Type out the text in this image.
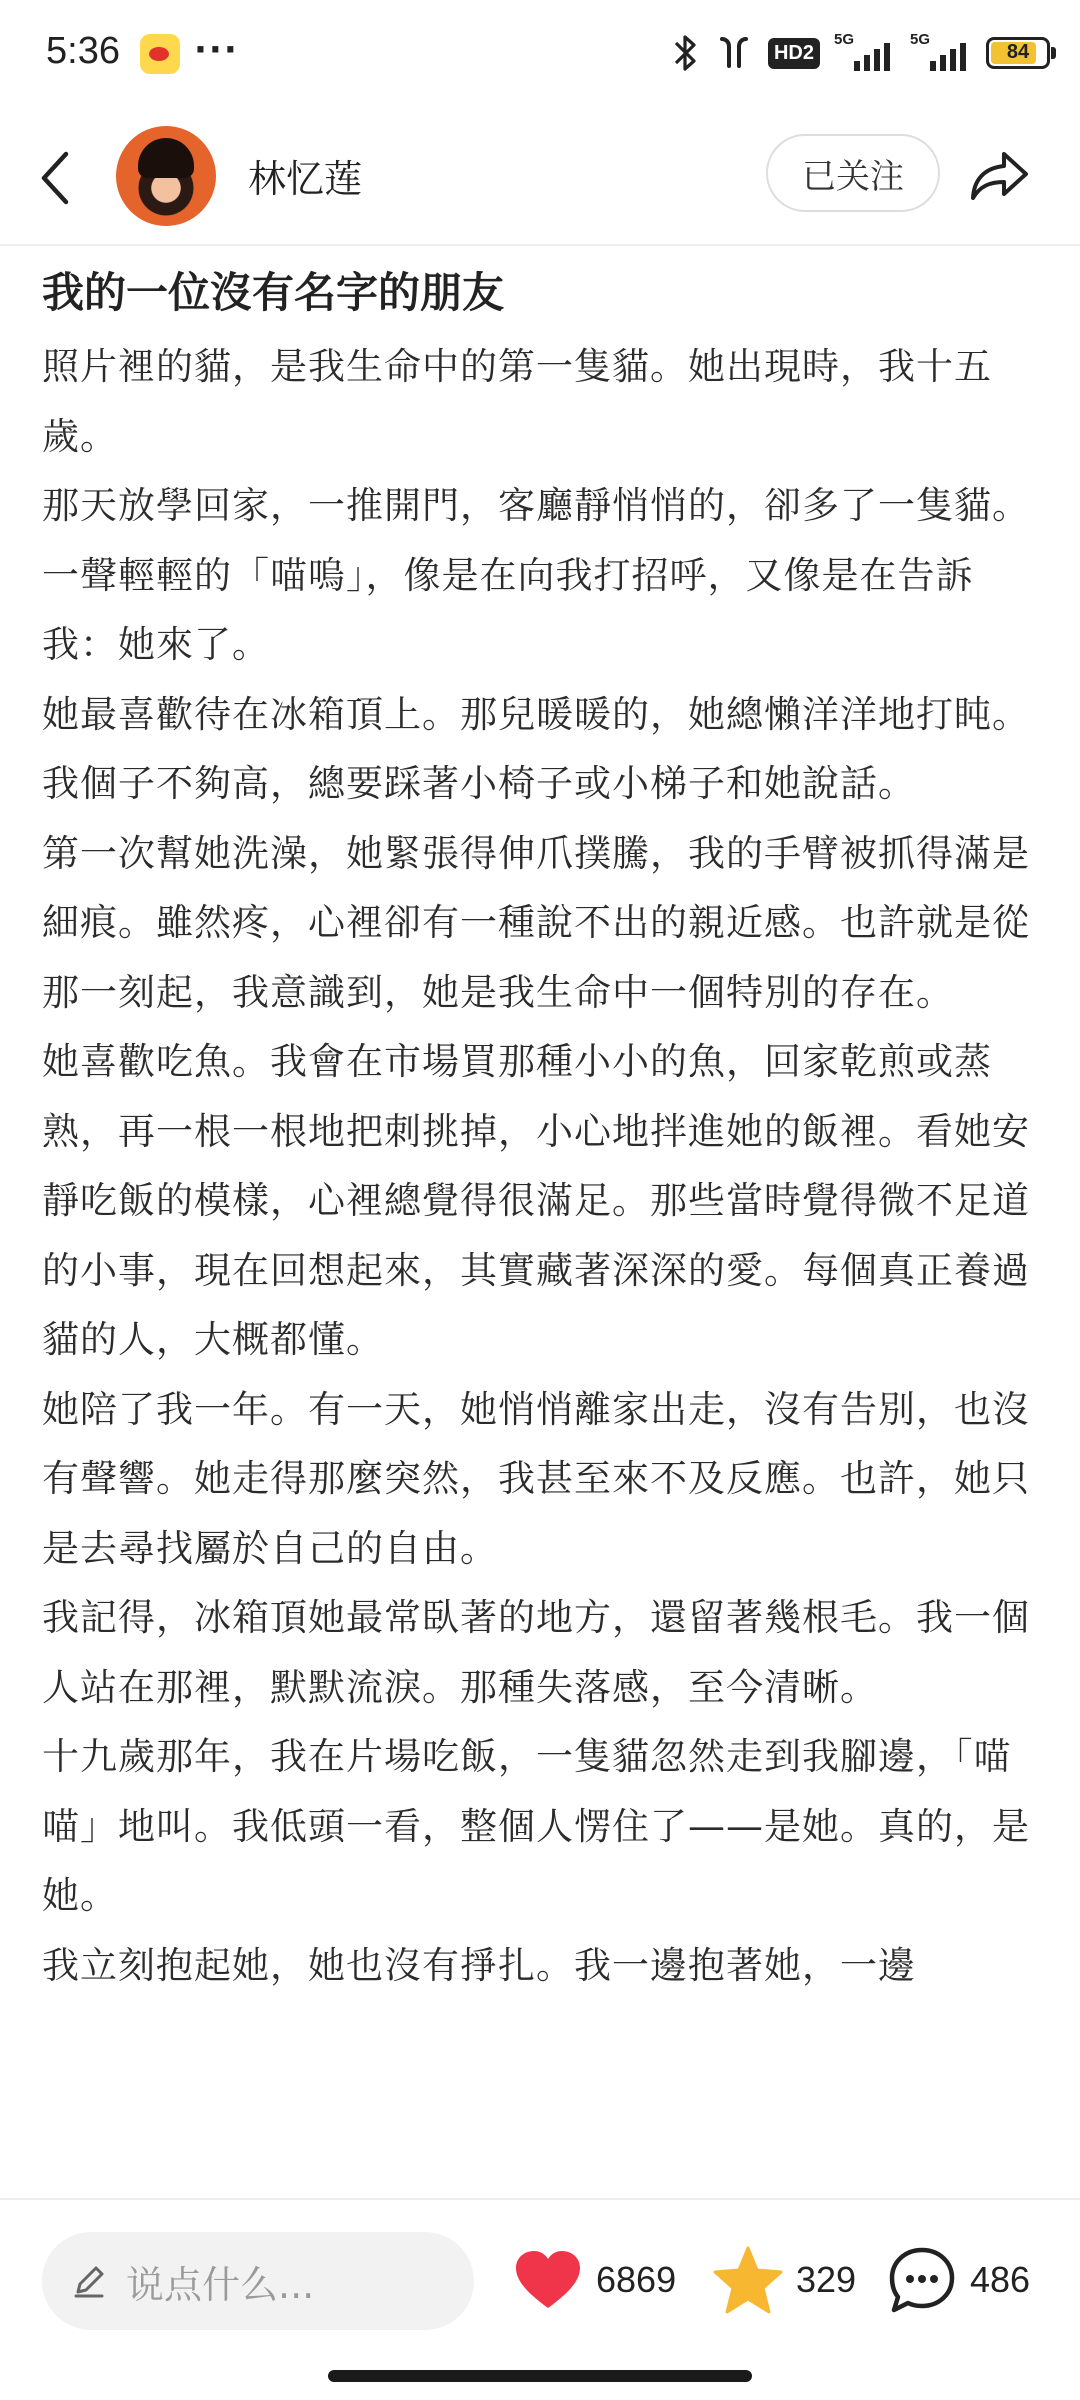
5:36 ···	HD2
5G	5G
84
林忆莲	已关注
我的一位沒有名字的朋友
照片裡的貓，是我生命中的第一隻貓。她出現時，我十五歲。
那天放學回家，一推開門，客廳靜悄悄的，卻多了一隻貓。一聲輕輕的「喵嗚」，像是在向我打招呼，又像是在告訴我：她來了。
她最喜歡待在冰箱頂上。那兒暖暖的，她總懶洋洋地打盹。我個子不夠高，總要踩著小椅子或小梯子和她說話。
第一次幫她洗澡，她緊張得伸爪撲騰，我的手臂被抓得滿是細痕。雖然疼，心裡卻有一種說不出的親近感。也許就是從那一刻起，我意識到，她是我生命中一個特別的存在。
她喜歡吃魚。我會在市場買那種小小的魚，回家乾煎或蒸熟，再一根一根地把刺挑掉，小心地拌進她的飯裡。看她安靜吃飯的模樣，心裡總覺得很滿足。那些當時覺得微不足道的小事，現在回想起來，其實藏著深深的愛。每個真正養過貓的人，大概都懂。
她陪了我一年。有一天，她悄悄離家出走，沒有告別，也沒有聲響。她走得那麼突然，我甚至來不及反應。也許，她只是去尋找屬於自己的自由。
我記得，冰箱頂她最常臥著的地方，還留著幾根毛。我一個人站在那裡，默默流淚。那種失落感，至今清晰。
十九歲那年，我在片場吃飯，一隻貓忽然走到我腳邊，「喵喵」地叫。我低頭一看，整個人愣住了——是她。真的，是她。
我立刻抱起她，她也沒有掙扎。我一邊抱著她，一邊
说点什么...	6869	329	486
